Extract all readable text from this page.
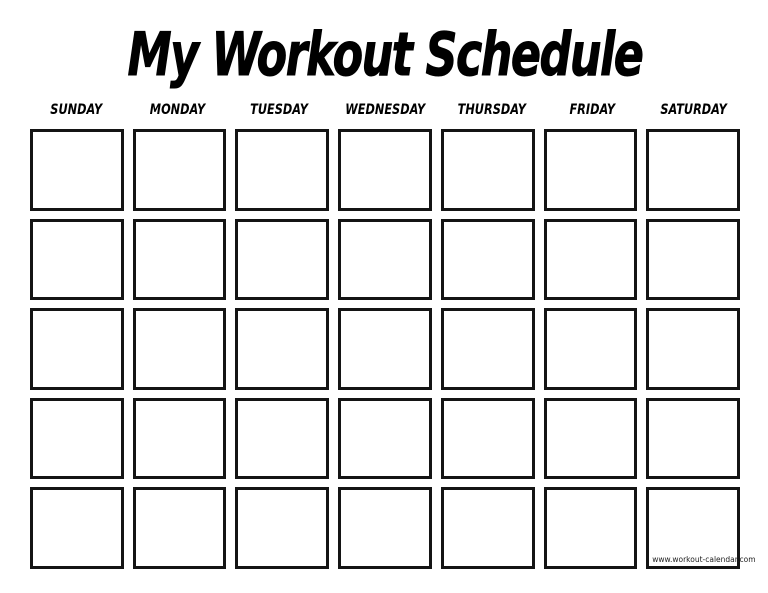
My Workout Schedule
SUNDAY	MONDAY	TUESDAY	WEDNESDAY	THURSDAY	FRIDAY	SATURDAY
www.workout-calendar.com
